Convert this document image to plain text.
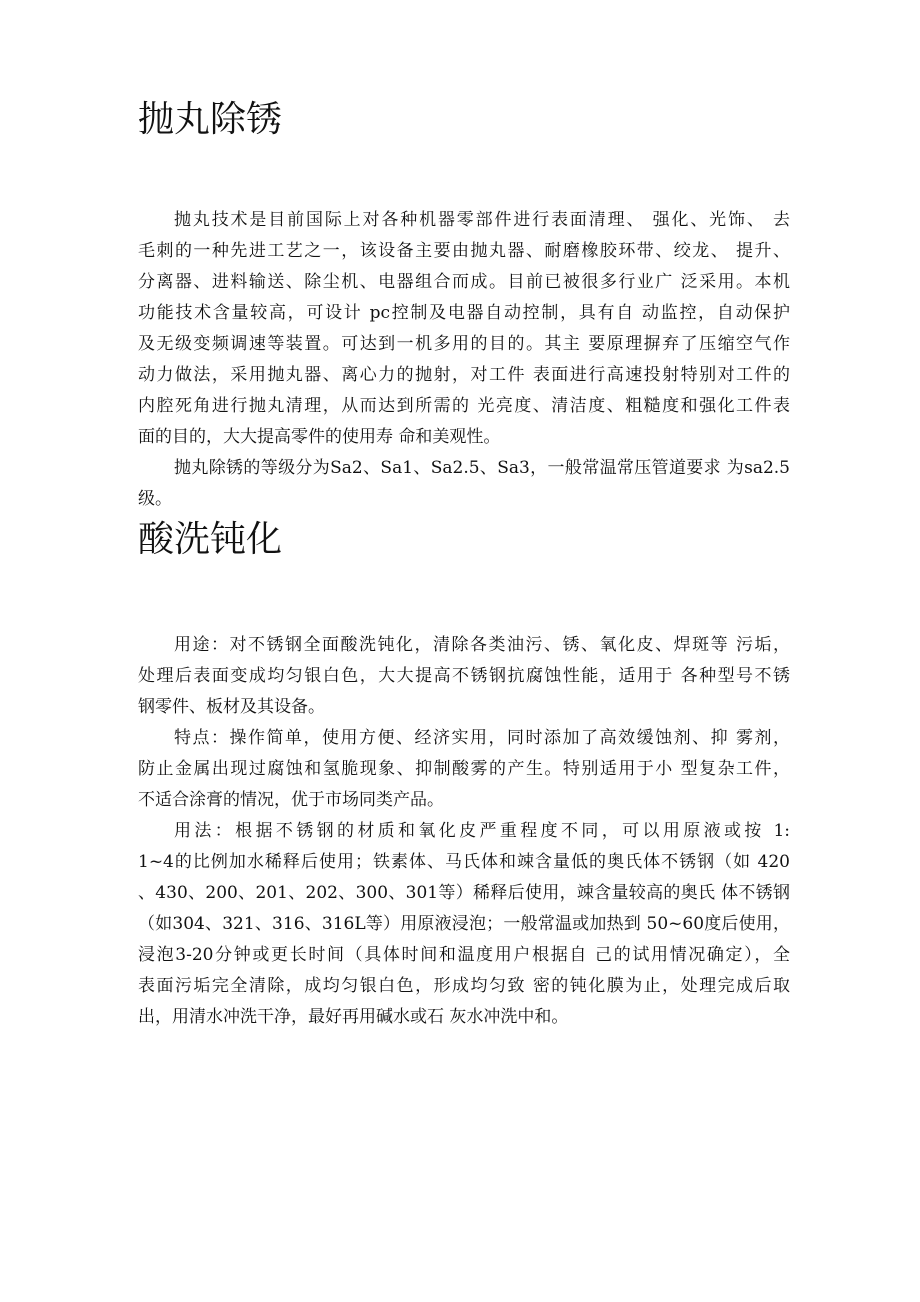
抛丸除锈
抛丸技术是目前国际上对各种机器零部件进行表面清理、 强化、光饰、 去
毛刺的一种先进工艺之一，该设备主要由抛丸器、耐磨橡胶环带、绞龙、 提升、
分离器、进料输送、除尘机、电器组合而成。目前已被很多行业广 泛采用。本机
功能技术含量较高，可设计 pc控制及电器自动控制，具有自 动监控，自动保护
及无级变频调速等装置。可达到一机多用的目的。其主 要原理摒弃了压缩空气作
动力做法，采用抛丸器、离心力的抛射，对工件 表面进行高速投射特别对工件的
内腔死角进行抛丸清理，从而达到所需的 光亮度、清洁度、粗糙度和强化工件表
面的目的，大大提高零件的使用寿 命和美观性。
抛丸除锈的等级分为Sa2、Sa1、Sa2.5、Sa3，一般常温常压管道要求 为sa2.5
级。
酸洗钝化
用途：对不锈钢全面酸洗钝化，清除各类油污、锈、氧化皮、焊斑等 污垢，
处理后表面变成均匀银白色，大大提高不锈钢抗腐蚀性能，适用于 各种型号不锈
钢零件、板材及其设备。
特点：操作简单，使用方便、经济实用，同时添加了高效缓蚀剂、抑 雾剂，
防止金属出现过腐蚀和氢脆现象、抑制酸雾的产生。特别适用于小 型复杂工件，
不适合涂膏的情况，优于市场同类产品。
用法：根据不锈钢的材质和氧化皮严重程度不同，可以用原液或按 1:
1~4的比例加水稀释后使用；铁素体、马氏体和竦含量低的奥氏体不锈钢（如 420
、430、200、201、202、300、301等）稀释后使用，竦含量较高的奥氏 体不锈钢
（如304、321、316、316L等）用原液浸泡；一般常温或加热到 50~60度后使用，
浸泡3-20分钟或更长时间（具体时间和温度用户根据自 己的试用情况确定），全
表面污垢完全清除，成均匀银白色，形成均匀致 密的钝化膜为止，处理完成后取
出，用清水冲洗干净，最好再用碱水或石 灰水冲洗中和。
